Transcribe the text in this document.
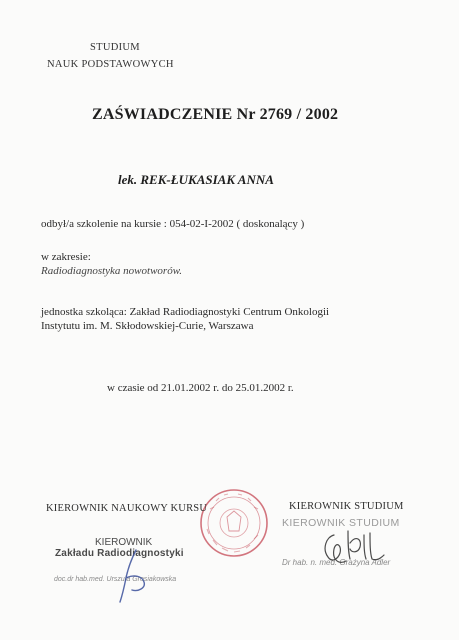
STUDIUM
NAUK PODSTAWOWYCH
ZAŚWIADCZENIE Nr 2769 / 2002
lek. REK-ŁUKASIAK ANNA
odbył/a szkolenie na kursie : 054-02-I-2002 ( doskonalący )
w zakresie:
Radiodiagnostyka nowotworów.
jednostka szkoląca: Zakład Radiodiagnostyki Centrum Onkologii
Instytutu im. M. Skłodowskiej-Curie, Warszawa
w czasie od 21.01.2002 r. do 25.01.2002 r.
KIEROWNIK NAUKOWY KURSU
KIEROWNIK
Zakładu Radiodiagnostyki
doc.dr hab.med. Urszula Grosiakowska
KIEROWNIK STUDIUM
KIEROWNIK STUDIUM
Dr hab. n. med. Grażyna Adler
